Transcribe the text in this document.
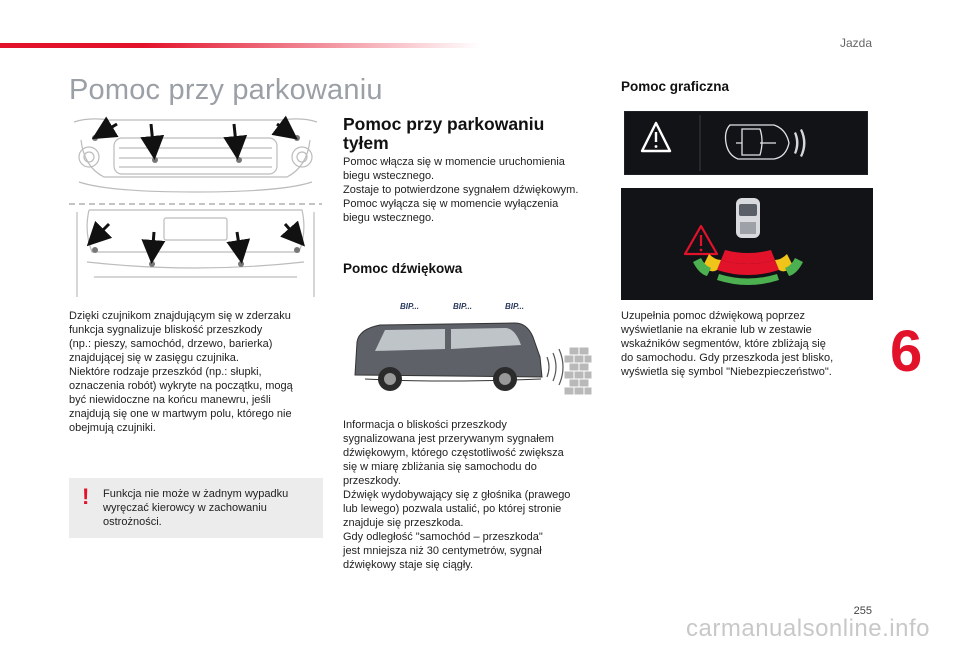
Jazda
Pomoc przy parkowaniu

Dzięki czujnikom znajdującym się w zderzaku
funkcja sygnalizuje bliskość przeszkody
(np.: pieszy, samochód, drzewo, barierka)
znajdującej się w zasięgu czujnika.
Niektóre rodzaje przeszkód (np.: słupki,
oznaczenia robót) wykryte na początku, mogą
być niewidoczne na końcu manewru, jeśli
znajdują się one w martwym polu, którego nie
obejmują czujniki.

! Funkcja nie może w żadnym wypadku
wyręczać kierowcy w zachowaniu
ostrożności.
Pomoc przy parkowaniu
tyłem

Pomoc włącza się w momencie uruchomienia
biegu wstecznego.
Zostaje to potwierdzone sygnałem dźwiękowym.
Pomoc wyłącza się w momencie wyłączenia
biegu wstecznego.

Pomoc dźwiękowa
BIP...	BIP...	BIP...

Informacja o bliskości przeszkody
sygnalizowana jest przerywanym sygnałem
dźwiękowym, którego częstotliwość zwiększa
się w miarę zbliżania się samochodu do
przeszkody.
Dźwięk wydobywający się z głośnika (prawego
lub lewego) pozwala ustalić, po której stronie
znajduje się przeszkoda.
Gdy odległość "samochód – przeszkoda"
jest mniejsza niż 30 centymetrów, sygnał
dźwiękowy staje się ciągły.

Pomoc graficzna

Uzupełnia pomoc dźwiękową poprzez
wyświetlanie na ekranie lub w zestawie
wskaźników segmentów, które zbliżają się
do samochodu. Gdy przeszkoda jest blisko,
wyświetla się symbol "Niebezpieczeństwo".	6
255
carmanualsonline.info
